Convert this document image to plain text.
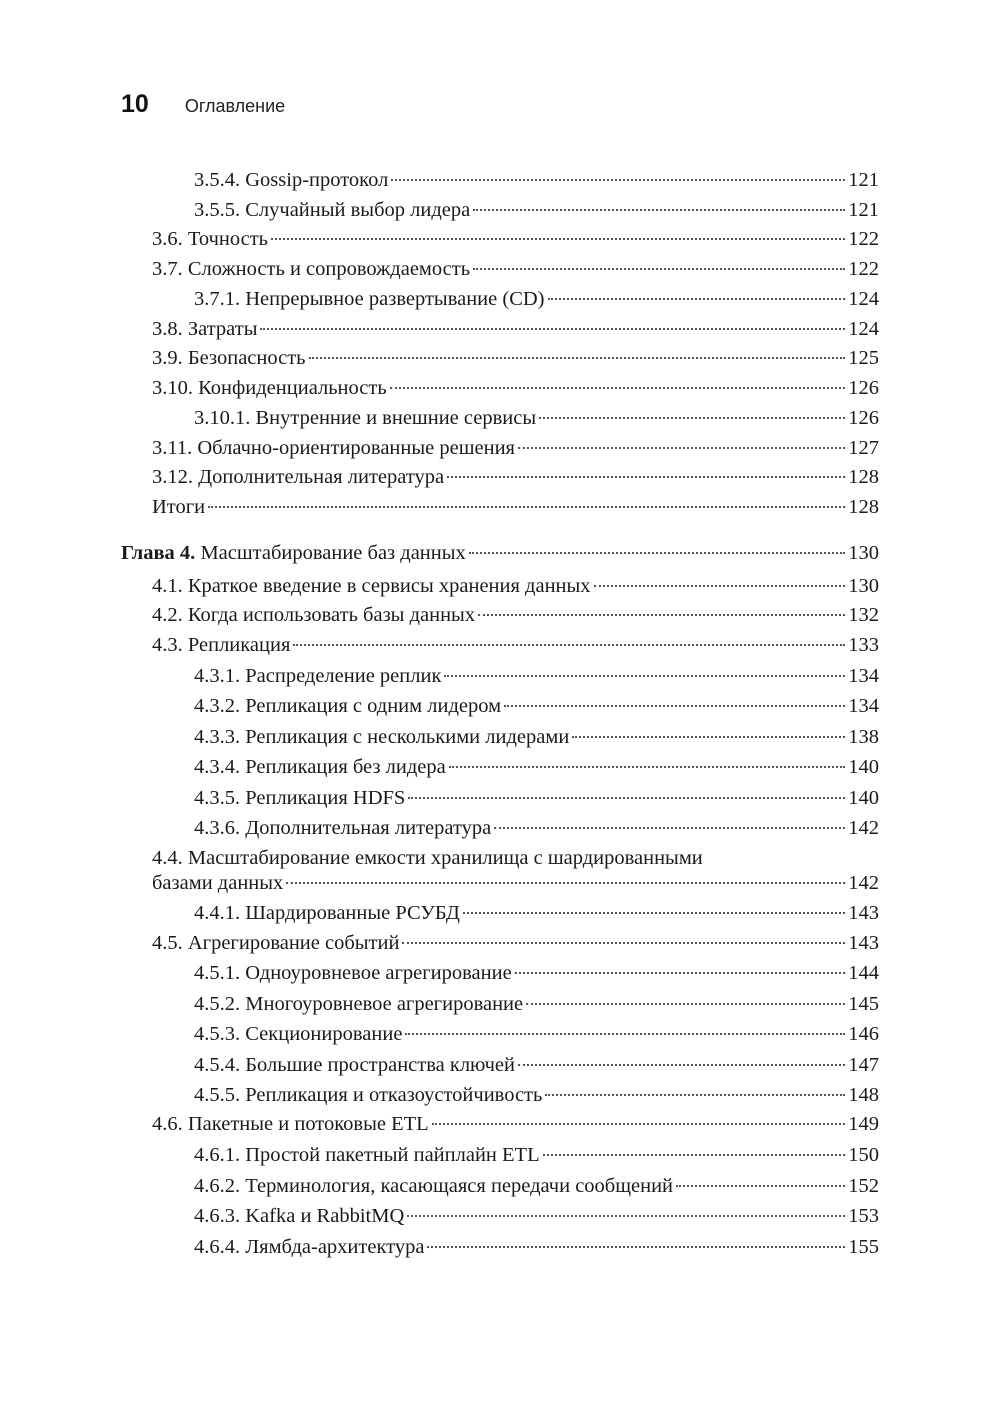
10 Оглавление
3.5.4. Gossip-протокол	121
3.5.5. Случайный выбор лидера	121
3.6. Точность	122
3.7. Сложность и сопровождаемость	122
3.7.1. Непрерывное развертывание (CD)	124
3.8. Затраты	124
3.9. Безопасность	125
3.10. Конфиденциальность	126
3.10.1. Внутренние и внешние сервисы	126
3.11. Облачно-ориентированные решения	127
3.12. Дополнительная литература	128
Итоги	128
Глава 4. Масштабирование баз данных	130
4.1. Краткое введение в сервисы хранения данных	130
4.2. Когда использовать базы данных	132
4.3. Репликация	133
4.3.1. Распределение реплик	134
4.3.2. Репликация с одним лидером	134
4.3.3. Репликация с несколькими лидерами	138
4.3.4. Репликация без лидера	140
4.3.5. Репликация HDFS	140
4.3.6. Дополнительная литература	142
4.4. Масштабирование емкости хранилища с шардированными
базами данных	142
4.4.1. Шардированные РСУБД	143
4.5. Агрегирование событий	143
4.5.1. Одноуровневое агрегирование	144
4.5.2. Многоуровневое агрегирование	145
4.5.3. Секционирование	146
4.5.4. Большие пространства ключей	147
4.5.5. Репликация и отказоустойчивость	148
4.6. Пакетные и потоковые ETL	149
4.6.1. Простой пакетный пайплайн ETL	150
4.6.2. Терминология, касающаяся передачи сообщений	152
4.6.3. Kafka и RabbitMQ	153
4.6.4. Лямбда-архитектура	155
